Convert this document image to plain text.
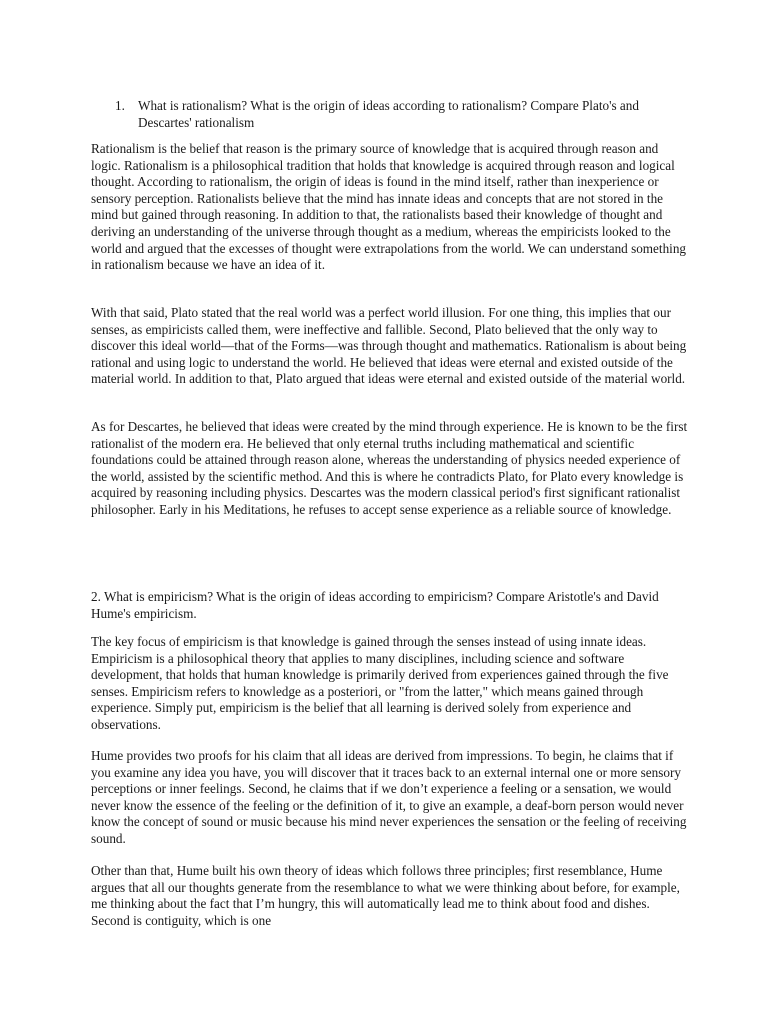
1. What is rationalism? What is the origin of ideas according to rationalism? Compare Plato's and Descartes' rationalism

Rationalism is the belief that reason is the primary source of knowledge that is acquired through reason and logic. Rationalism is a philosophical tradition that holds that knowledge is acquired through reason and logical thought. According to rationalism, the origin of ideas is found in the mind itself, rather than inexperience or sensory perception. Rationalists believe that the mind has innate ideas and concepts that are not stored in the mind but gained through reasoning. In addition to that, the rationalists based their knowledge of thought and deriving an understanding of the universe through thought as a medium, whereas the empiricists looked to the world and argued that the excesses of thought were extrapolations from the world. We can understand something in rationalism because we have an idea of it.

With that said, Plato stated that the real world was a perfect world illusion. For one thing, this implies that our senses, as empiricists called them, were ineffective and fallible. Second, Plato believed that the only way to discover this ideal world—that of the Forms—was through thought and mathematics. Rationalism is about being rational and using logic to understand the world. He believed that ideas were eternal and existed outside of the material world. In addition to that, Plato argued that ideas were eternal and existed outside of the material world.

As for Descartes, he believed that ideas were created by the mind through experience. He is known to be the first rationalist of the modern era. He believed that only eternal truths including mathematical and scientific foundations could be attained through reason alone, whereas the understanding of physics needed experience of the world, assisted by the scientific method. And this is where he contradicts Plato, for Plato every knowledge is acquired by reasoning including physics. Descartes was the modern classical period's first significant rationalist philosopher. Early in his Meditations, he refuses to accept sense experience as a reliable source of knowledge.

2. What is empiricism? What is the origin of ideas according to empiricism? Compare Aristotle's and David Hume's empiricism.

The key focus of empiricism is that knowledge is gained through the senses instead of using innate ideas. Empiricism is a philosophical theory that applies to many disciplines, including science and software development, that holds that human knowledge is primarily derived from experiences gained through the five senses. Empiricism refers to knowledge as a posteriori, or "from the latter," which means gained through experience. Simply put, empiricism is the belief that all learning is derived solely from experience and observations.

Hume provides two proofs for his claim that all ideas are derived from impressions. To begin, he claims that if you examine any idea you have, you will discover that it traces back to an external internal one or more sensory perceptions or inner feelings. Second, he claims that if we don’t experience a feeling or a sensation, we would never know the essence of the feeling or the definition of it, to give an example, a deaf-born person would never know the concept of sound or music because his mind never experiences the sensation or the feeling of receiving sound.

Other than that, Hume built his own theory of ideas which follows three principles; first resemblance, Hume argues that all our thoughts generate from the resemblance to what we were thinking about before, for example, me thinking about the fact that I’m hungry, this will automatically lead me to think about food and dishes. Second is contiguity, which is one
